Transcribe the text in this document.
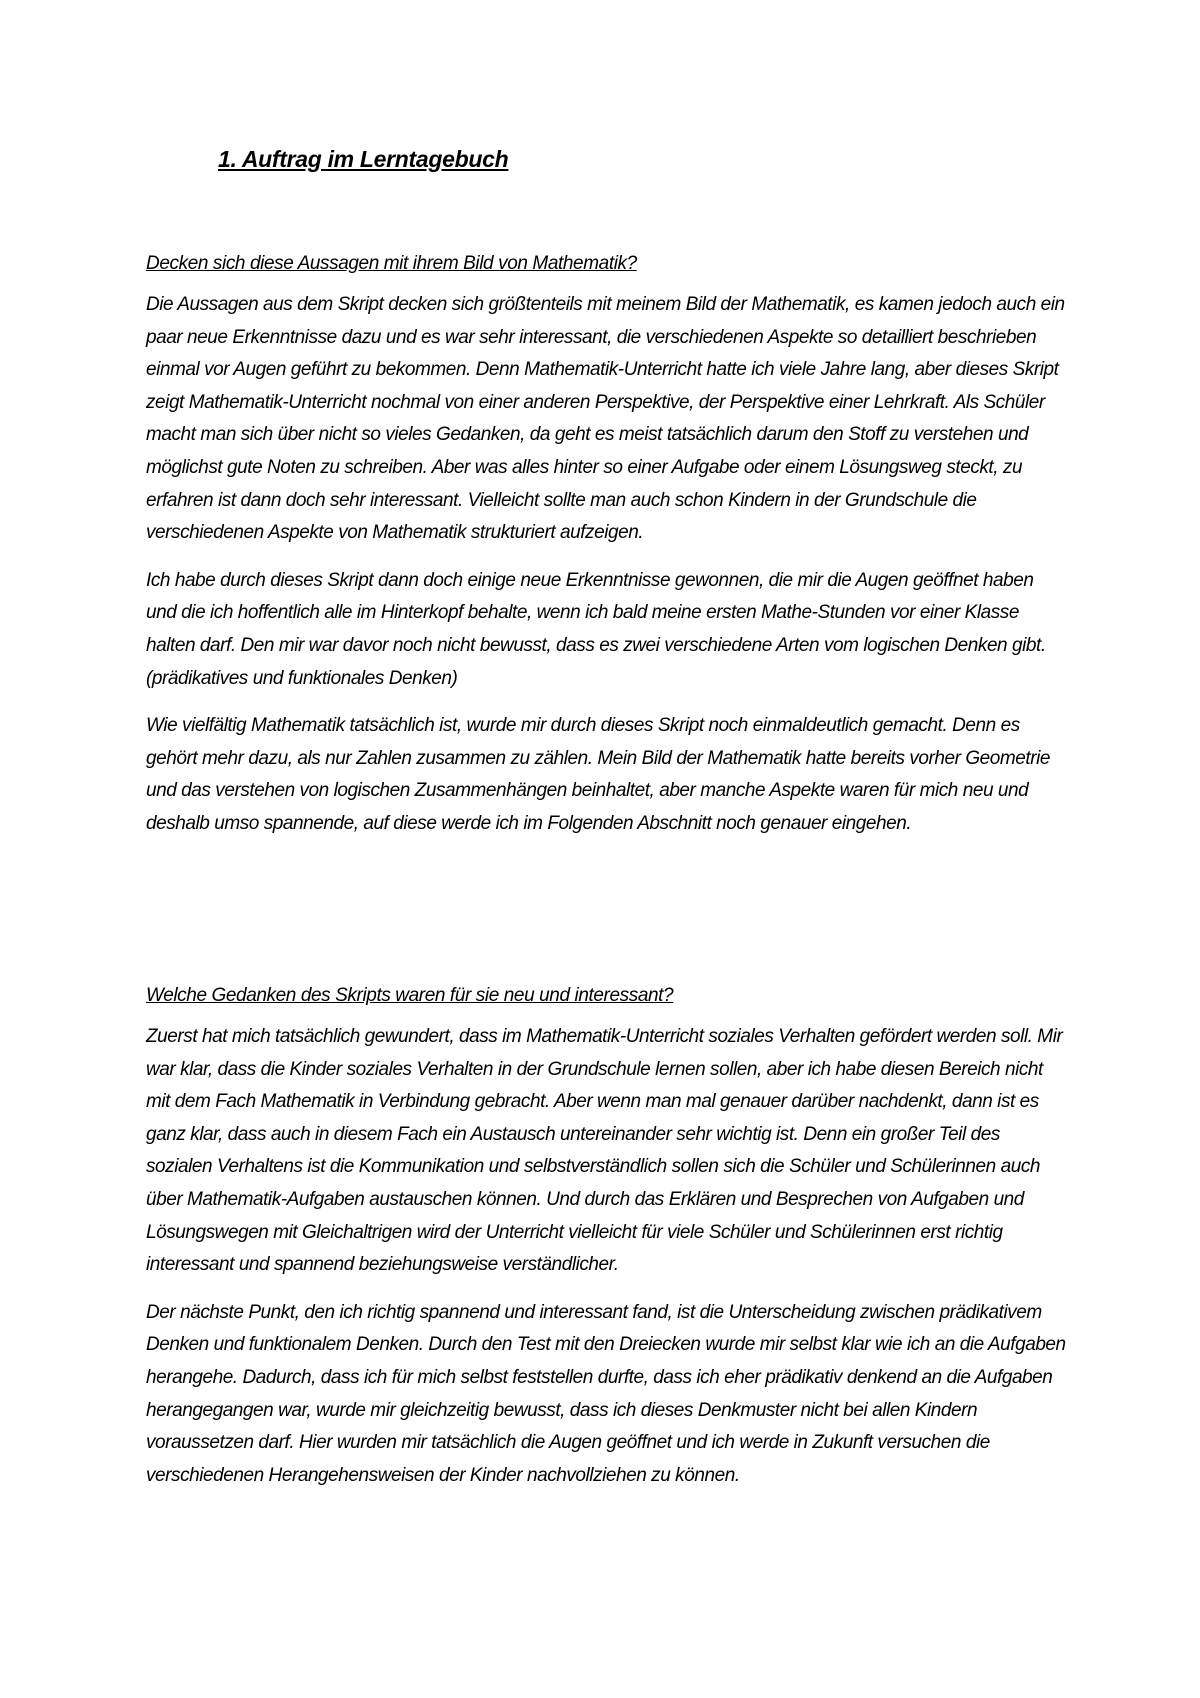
1. Auftrag im Lerntagebuch

Decken sich diese Aussagen mit ihrem Bild von Mathematik?

Die Aussagen aus dem Skript decken sich größtenteils mit meinem Bild der Mathematik, es kamen jedoch auch ein paar neue Erkenntnisse dazu und es war sehr interessant, die verschiedenen Aspekte so detailliert beschrieben einmal vor Augen geführt zu bekommen. Denn Mathematik-Unterricht hatte ich viele Jahre lang, aber dieses Skript zeigt Mathematik-Unterricht nochmal von einer anderen Perspektive, der Perspektive einer Lehrkraft. Als Schüler macht man sich über nicht so vieles Gedanken, da geht es meist tatsächlich darum den Stoff zu verstehen und möglichst gute Noten zu schreiben. Aber was alles hinter so einer Aufgabe oder einem Lösungsweg steckt, zu erfahren ist dann doch sehr interessant. Vielleicht sollte man auch schon Kindern in der Grundschule die verschiedenen Aspekte von Mathematik strukturiert aufzeigen.

Ich habe durch dieses Skript dann doch einige neue Erkenntnisse gewonnen, die mir die Augen geöffnet haben und die ich hoffentlich alle im Hinterkopf behalte, wenn ich bald meine ersten Mathe-Stunden vor einer Klasse halten darf. Den mir war davor noch nicht bewusst, dass es zwei verschiedene Arten vom logischen Denken gibt. (prädikatives und funktionales Denken)

Wie vielfältig Mathematik tatsächlich ist, wurde mir durch dieses Skript noch einmaldeutlich gemacht. Denn es gehört mehr dazu, als nur Zahlen zusammen zu zählen. Mein Bild der Mathematik hatte bereits vorher Geometrie und das verstehen von logischen Zusammenhängen beinhaltet, aber manche Aspekte waren für mich neu und deshalb umso spannende, auf diese werde ich im Folgenden Abschnitt noch genauer eingehen.

Welche Gedanken des Skripts waren für sie neu und interessant?

Zuerst hat mich tatsächlich gewundert, dass im Mathematik-Unterricht soziales Verhalten gefördert werden soll. Mir war klar, dass die Kinder soziales Verhalten in der Grundschule lernen sollen, aber ich habe diesen Bereich nicht mit dem Fach Mathematik in Verbindung gebracht. Aber wenn man mal genauer darüber nachdenkt, dann ist es ganz klar, dass auch in diesem Fach ein Austausch untereinander sehr wichtig ist. Denn ein großer Teil des sozialen Verhaltens ist die Kommunikation und selbstverständlich sollen sich die Schüler und Schülerinnen auch über Mathematik-Aufgaben austauschen können. Und durch das Erklären und Besprechen von Aufgaben und Lösungswegen mit Gleichaltrigen wird der Unterricht vielleicht für viele Schüler und Schülerinnen erst richtig interessant und spannend beziehungsweise verständlicher.

Der nächste Punkt, den ich richtig spannend und interessant fand, ist die Unterscheidung zwischen prädikativem Denken und funktionalem Denken. Durch den Test mit den Dreiecken wurde mir selbst klar wie ich an die Aufgaben herangehe. Dadurch, dass ich für mich selbst feststellen durfte, dass ich eher prädikativ denkend an die Aufgaben herangegangen war, wurde mir gleichzeitig bewusst, dass ich dieses Denkmuster nicht bei allen Kindern voraussetzen darf. Hier wurden mir tatsächlich die Augen geöffnet und ich werde in Zukunft versuchen die verschiedenen Herangehensweisen der Kinder nachvollziehen zu können.
